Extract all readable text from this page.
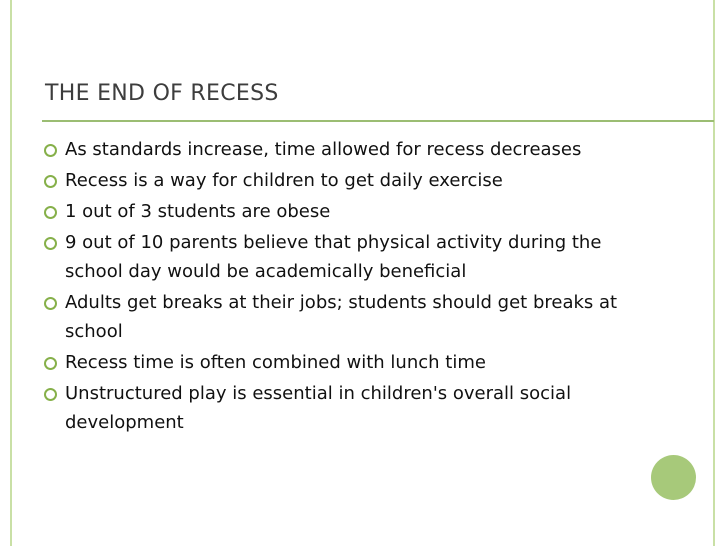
THE END OF RECESS
As standards increase, time allowed for recess decreases
Recess is a way for children to get daily exercise
1 out of 3 students are obese
9 out of 10 parents believe that physical activity during the school day would be academically beneficial
Adults get breaks at their jobs; students should get breaks at school
Recess time is often combined with lunch time
Unstructured play is essential in children's overall social development
